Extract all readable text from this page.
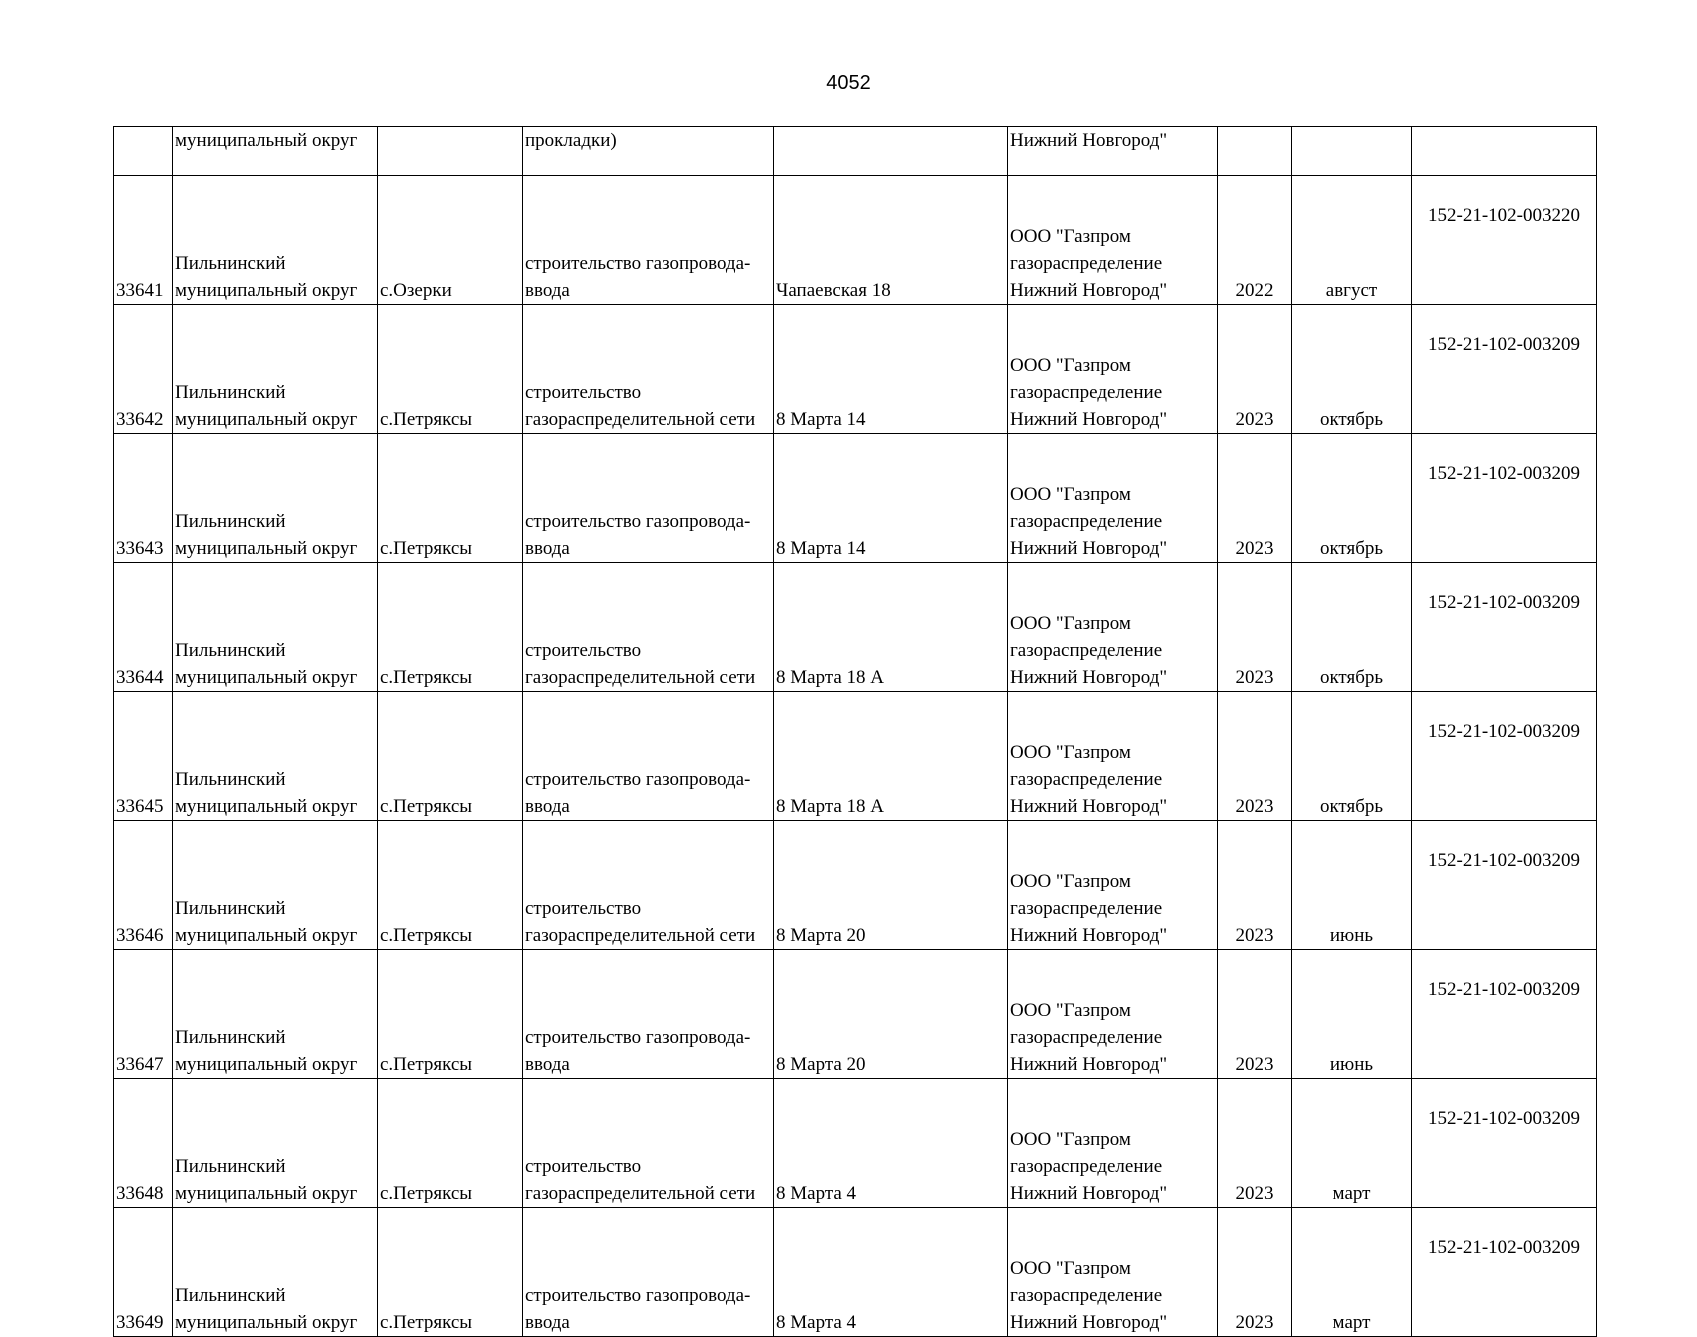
4052
	муниципальный округ		прокладки)		Нижний Новгород"			
33641	Пильнинский
муниципальный округ	с.Озерки	строительство газопровода-
ввода	Чапаевская 18	ООО "Газпром
газораспределение
Нижний Новгород"	2022	август	152-21-102-003220
33642	Пильнинский
муниципальный округ	с.Петряксы	строительство
газораспределительной сети	8 Марта 14	ООО "Газпром
газораспределение
Нижний Новгород"	2023	октябрь	152-21-102-003209
33643	Пильнинский
муниципальный округ	с.Петряксы	строительство газопровода-
ввода	8 Марта 14	ООО "Газпром
газораспределение
Нижний Новгород"	2023	октябрь	152-21-102-003209
33644	Пильнинский
муниципальный округ	с.Петряксы	строительство
газораспределительной сети	8 Марта 18 А	ООО "Газпром
газораспределение
Нижний Новгород"	2023	октябрь	152-21-102-003209
33645	Пильнинский
муниципальный округ	с.Петряксы	строительство газопровода-
ввода	8 Марта 18 А	ООО "Газпром
газораспределение
Нижний Новгород"	2023	октябрь	152-21-102-003209
33646	Пильнинский
муниципальный округ	с.Петряксы	строительство
газораспределительной сети	8 Марта 20	ООО "Газпром
газораспределение
Нижний Новгород"	2023	июнь	152-21-102-003209
33647	Пильнинский
муниципальный округ	с.Петряксы	строительство газопровода-
ввода	8 Марта 20	ООО "Газпром
газораспределение
Нижний Новгород"	2023	июнь	152-21-102-003209
33648	Пильнинский
муниципальный округ	с.Петряксы	строительство
газораспределительной сети	8 Марта 4	ООО "Газпром
газораспределение
Нижний Новгород"	2023	март	152-21-102-003209
33649	Пильнинский
муниципальный округ	с.Петряксы	строительство газопровода-
ввода	8 Марта 4	ООО "Газпром
газораспределение
Нижний Новгород"	2023	март	152-21-102-003209
